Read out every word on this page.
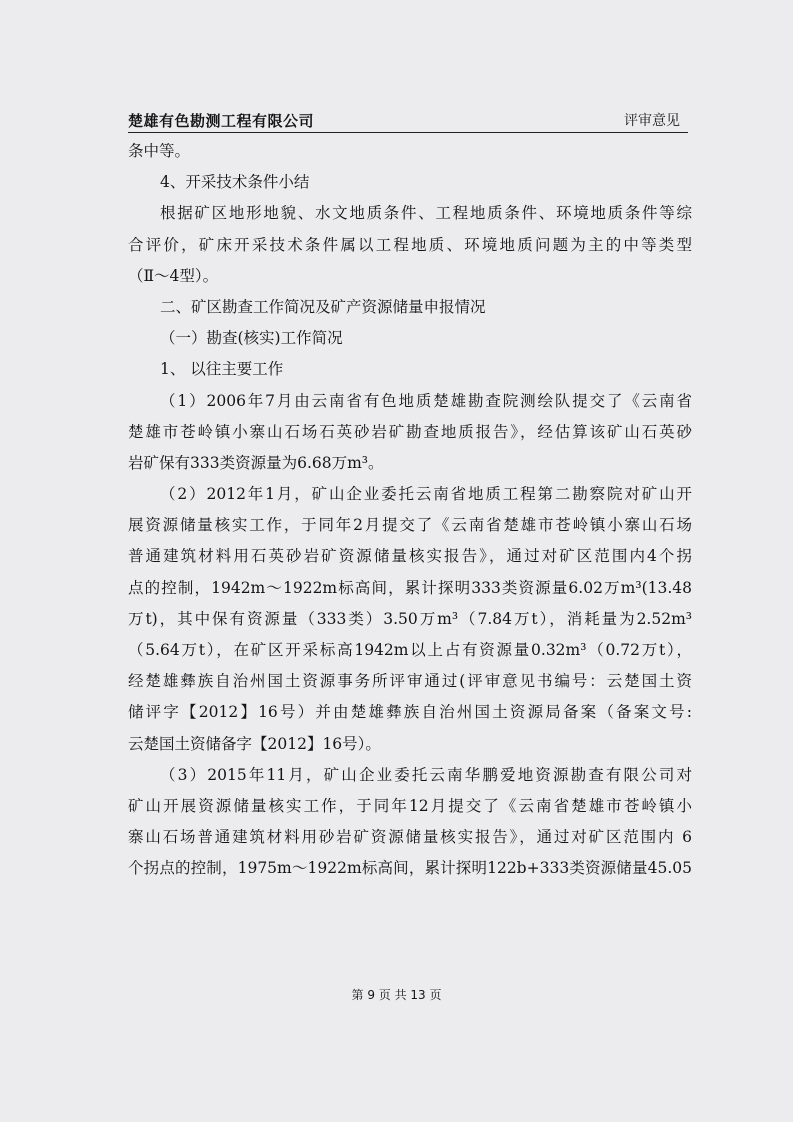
楚雄有色勘测工程有限公司	评审意见
条中等。
4、开采技术条件小结
根据矿区地形地貌、水文地质条件、工程地质条件、环境地质条件等综
合评价，矿床开采技术条件属以工程地质、环境地质问题为主的中等类型
（Ⅱ～4型）。
二、矿区勘查工作简况及矿产资源储量申报情况
（一）勘查(核实)工作简况
1、 以往主要工作
（1）2006年7月由云南省有色地质楚雄勘查院测绘队提交了《云南省
楚雄市苍岭镇小寨山石场石英砂岩矿勘查地质报告》，经估算该矿山石英砂
岩矿保有333类资源量为6.68万m³。
（2）2012年1月，矿山企业委托云南省地质工程第二勘察院对矿山开
展资源储量核实工作，于同年2月提交了《云南省楚雄市苍岭镇小寨山石场
普通建筑材料用石英砂岩矿资源储量核实报告》，通过对矿区范围内4个拐
点的控制，1942m～1922m标高间，累计探明333类资源量6.02万m³(13.48
万t)，其中保有资源量（333类）3.50万m³（7.84万t），消耗量为2.52m³
（5.64万t），在矿区开采标高1942m以上占有资源量0.32m³（0.72万t），
经楚雄彝族自治州国土资源事务所评审通过(评审意见书编号：云楚国土资
储评字【2012】16号）并由楚雄彝族自治州国土资源局备案（备案文号:
云楚国土资储备字【2012】16号）。
（3）2015年11月，矿山企业委托云南华鹏爱地资源勘查有限公司对
矿山开展资源储量核实工作，于同年12月提交了《云南省楚雄市苍岭镇小
寨山石场普通建筑材料用砂岩矿资源储量核实报告》，通过对矿区范围内 6
个拐点的控制，1975m～1922m标高间，累计探明122b+333类资源储量45.05
第 9 页 共 13 页
